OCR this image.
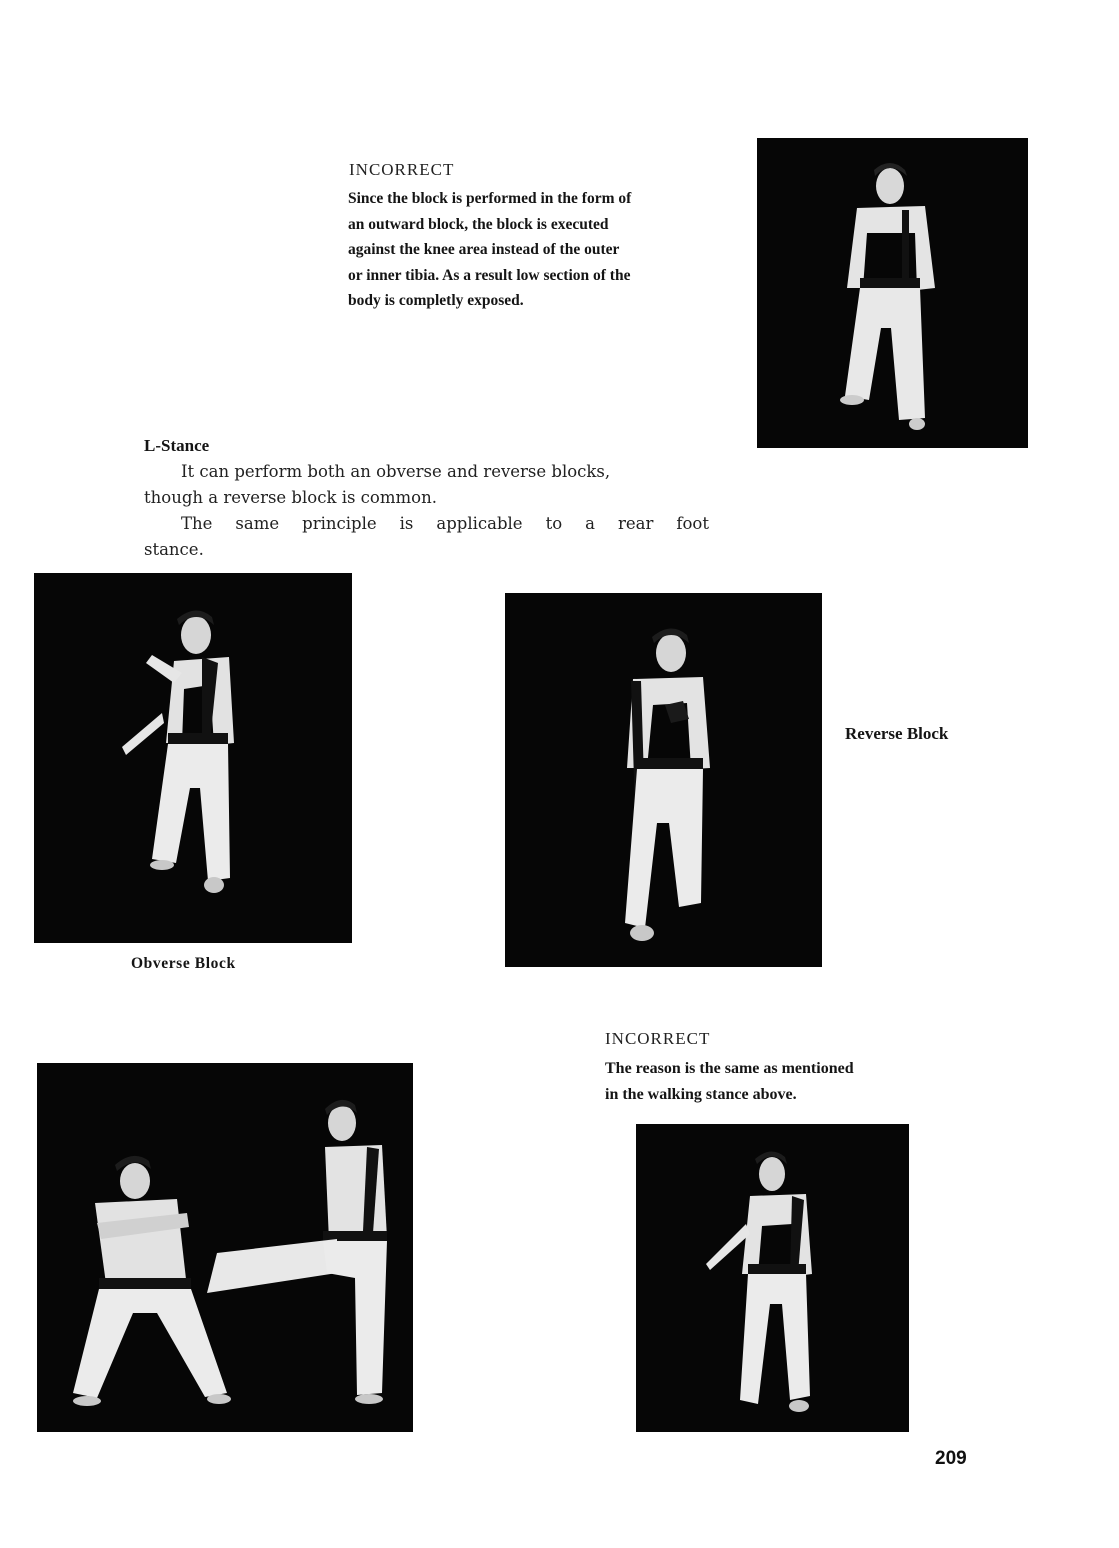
INCORRECT

Since the block is performed in the form of

an outward block, the block is executed

against the knee area instead of the outer

or inner tibia. As a result low section of the

body is completly exposed.

L-Stance

It can perform both an obverse and reverse blocks,

though a reverse block is common.

The same principle is applicable to a rear foot

stance.

Reverse Block
Obverse Block
INCORRECT

The reason is the same as mentioned

in the walking stance above.

209
